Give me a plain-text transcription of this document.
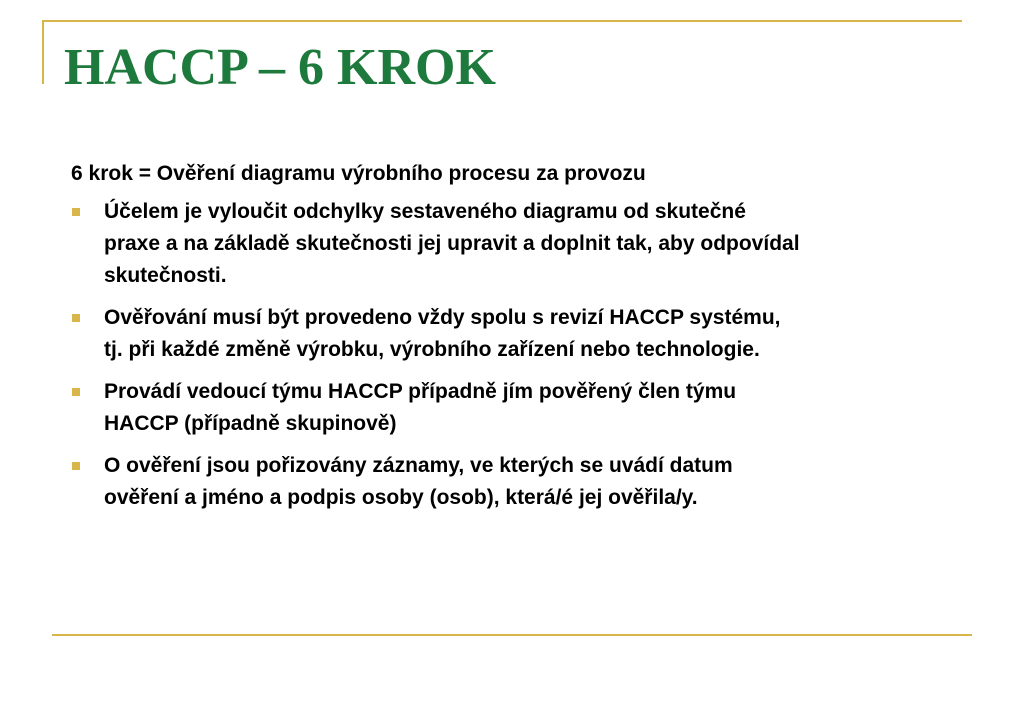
HACCP – 6 KROK

6 krok = Ověření diagramu výrobního procesu za provozu

Účelem je vyloučit odchylky sestaveného diagramu od skutečné
praxe a na základě skutečnosti jej upravit a doplnit tak, aby odpovídal
skutečnosti.
Ověřování musí být provedeno vždy spolu s revizí HACCP systému,
tj. při každé změně výrobku, výrobního zařízení nebo technologie.
Provádí vedoucí týmu HACCP případně jím pověřený člen týmu
HACCP (případně skupinově)
O ověření jsou pořizovány záznamy, ve kterých se uvádí datum
ověření a jméno a podpis osoby (osob), která/é jej ověřila/y.
